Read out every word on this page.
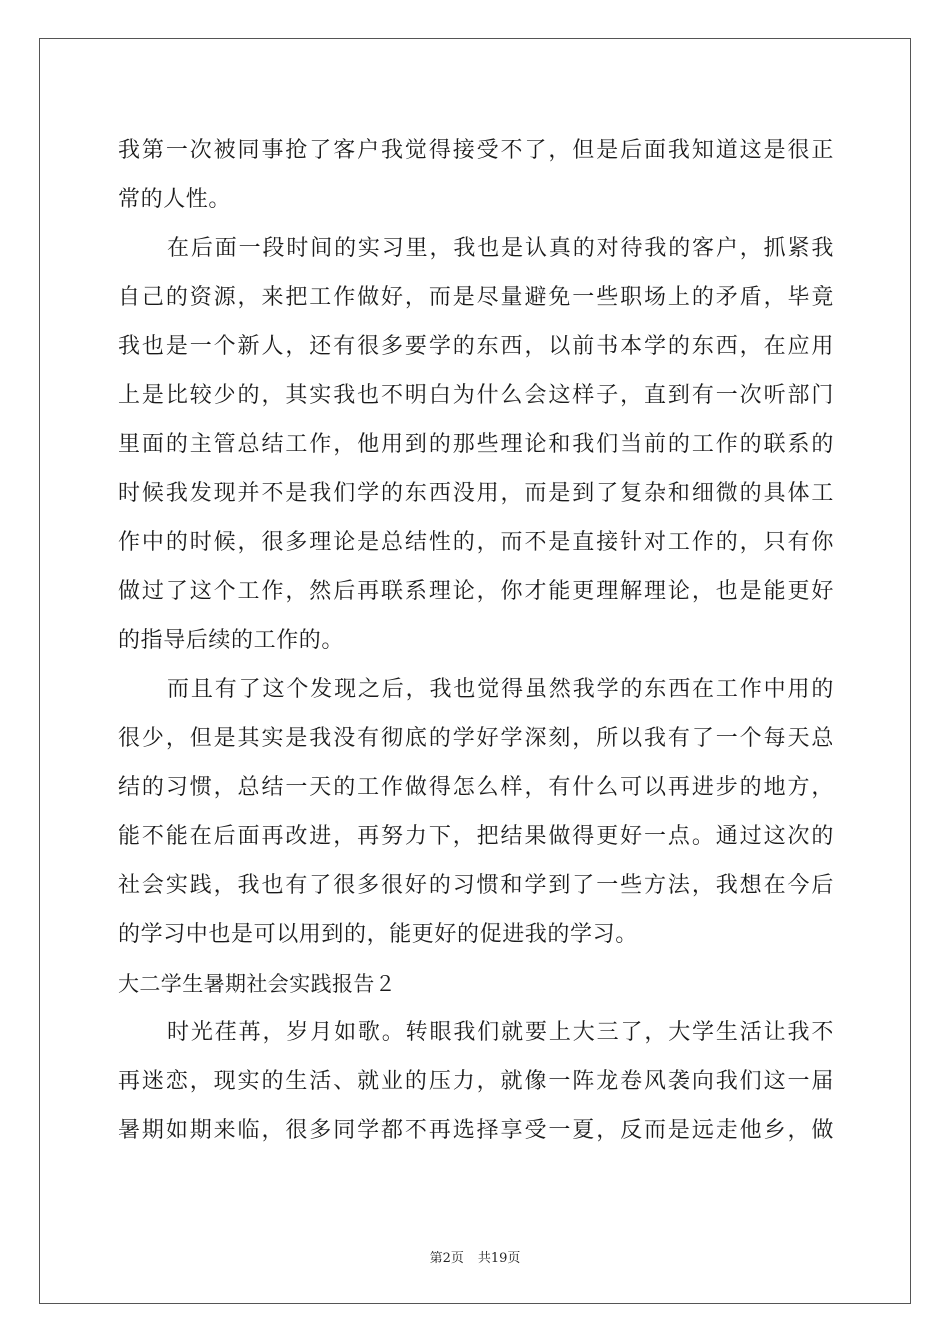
我第一次被同事抢了客户我觉得接受不了，但是后面我知道这是很正
常的人性。
在后面一段时间的实习里，我也是认真的对待我的客户，抓紧我
自己的资源，来把工作做好，而是尽量避免一些职场上的矛盾，毕竟
我也是一个新人，还有很多要学的东西，以前书本学的东西，在应用
上是比较少的，其实我也不明白为什么会这样子，直到有一次听部门
里面的主管总结工作，他用到的那些理论和我们当前的工作的联系的
时候我发现并不是我们学的东西没用，而是到了复杂和细微的具体工
作中的时候，很多理论是总结性的，而不是直接针对工作的，只有你
做过了这个工作，然后再联系理论，你才能更理解理论，也是能更好
的指导后续的工作的。
而且有了这个发现之后，我也觉得虽然我学的东西在工作中用的
很少，但是其实是我没有彻底的学好学深刻，所以我有了一个每天总
结的习惯，总结一天的工作做得怎么样，有什么可以再进步的地方，
能不能在后面再改进，再努力下，把结果做得更好一点。通过这次的
社会实践，我也有了很多很好的习惯和学到了一些方法，我想在今后
的学习中也是可以用到的，能更好的促进我的学习。
大二学生暑期社会实践报告２
时光荏苒，岁月如歌。转眼我们就要上大三了，大学生活让我不
再迷恋，现实的生活、就业的压力，就像一阵龙卷风袭向我们这一届
暑期如期来临，很多同学都不再选择享受一夏，反而是远走他乡，做
第2页 共19页
